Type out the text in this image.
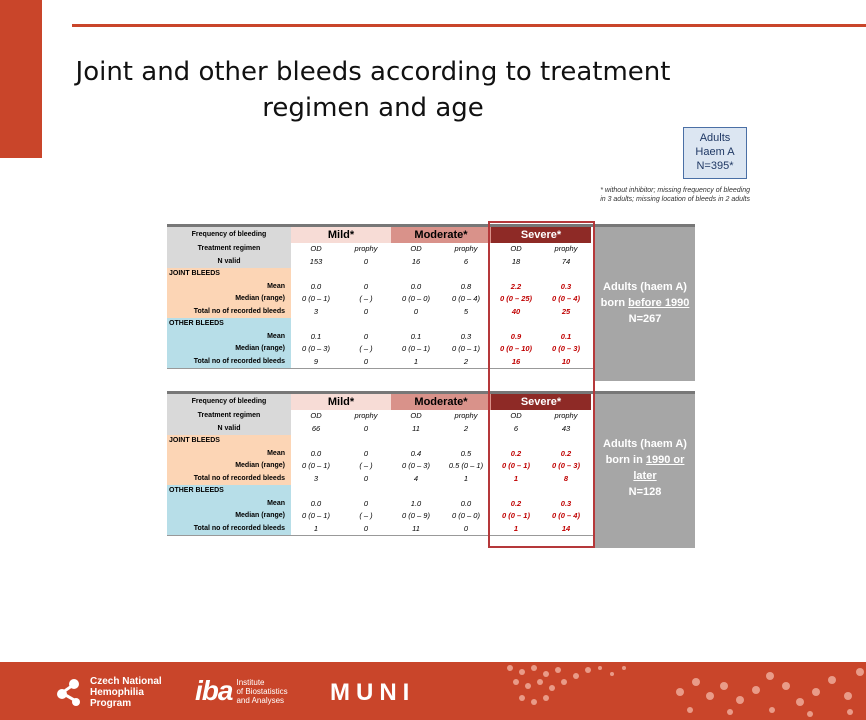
Joint and other bleeds according to treatment
regimen and age
Adults
Haem A
N=395*
* without inhibitor; missing frequency of bleeding in 3 adults; missing location of bleeds in 2 adults
Frequency of bleeding	Mild*	Moderate*	Severe*
Treatment regimen	OD	prophy	OD	prophy	OD	prophy
N valid	153	0	16	6	18	74
JOINT BLEEDS
Mean	0.0	0	0.0	0.8	2.2	0.3
Median (range)	0 (0 – 1)	( – )	0 (0 – 0)	0 (0 – 4)	0 (0 – 25)	0 (0 – 4)
Total no of recorded bleeds	3	0	0	5	40	25
OTHER BLEEDS
Mean	0.1	0	0.1	0.3	0.9	0.1
Median (range)	0 (0 – 3)	( – )	0 (0 – 1)	0 (0 – 1)	0 (0 – 10)	0 (0 – 3)
Total no of recorded bleeds	9	0	1	2	16	10
Adults (haem A)
born before 1990
N=267
Frequency of bleeding	Mild*	Moderate*	Severe*
Treatment regimen	OD	prophy	OD	prophy	OD	prophy
N valid	66	0	11	2	6	43
JOINT BLEEDS
Mean	0.0	0	0.4	0.5	0.2	0.2
Median (range)	0 (0 – 1)	( – )	0 (0 – 3)	0.5 (0 – 1)	0 (0 – 1)	0 (0 – 3)
Total no of recorded bleeds	3	0	4	1	1	8
OTHER BLEEDS
Mean	0.0	0	1.0	0.0	0.2	0.3
Median (range)	0 (0 – 1)	( – )	0 (0 – 9)	0 (0 – 0)	0 (0 – 1)	0 (0 – 4)
Total no of recorded bleeds	1	0	11	0	1	14
Adults (haem A)
born in 1990 or
later
N=128
Czech National
Hemophilia
Program	iba Institute
of Biostatistics
and Analyses MUNI
